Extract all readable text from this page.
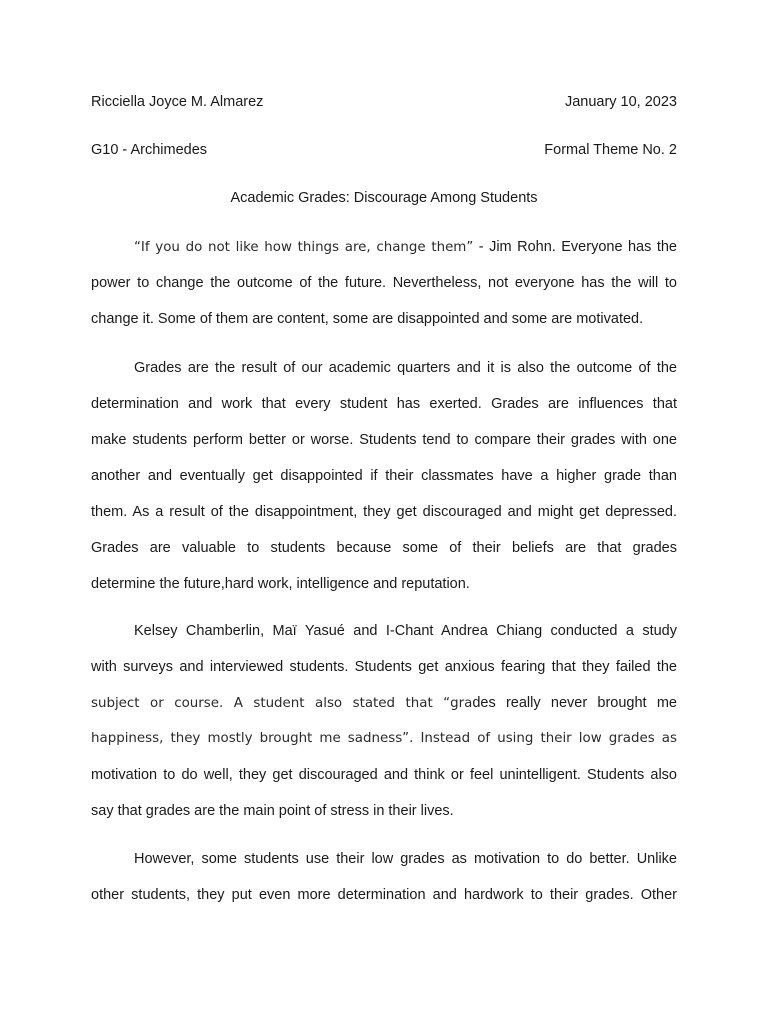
Ricciella Joyce M. Almarez	January 10, 2023
G10 - Archimedes	Formal Theme No. 2
Academic Grades: Discourage Among Students
“If you do not like how things are, change them” - Jim Rohn. Everyone has the
power to change the outcome of the future. Nevertheless, not everyone has the will to
change it. Some of them are content, some are disappointed and some are motivated.
Grades are the result of our academic quarters and it is also the outcome of the
determination and work that every student has exerted. Grades are influences that
make students perform better or worse. Students tend to compare their grades with one
another and eventually get disappointed if their classmates have a higher grade than
them. As a result of the disappointment, they get discouraged and might get depressed.
Grades are valuable to students because some of their beliefs are that grades
determine the future,hard work, intelligence and reputation.
Kelsey Chamberlin, Maï Yasué and I-Chant Andrea Chiang conducted a study
with surveys and interviewed students. Students get anxious fearing that they failed the
subject or course. A student also stated that “grades really never brought me
happiness, they mostly brought me sadness”. Instead of using their low grades as
motivation to do well, they get discouraged and think or feel unintelligent. Students also
say that grades are the main point of stress in their lives.
However, some students use their low grades as motivation to do better. Unlike
other students, they put even more determination and hardwork to their grades. Other
